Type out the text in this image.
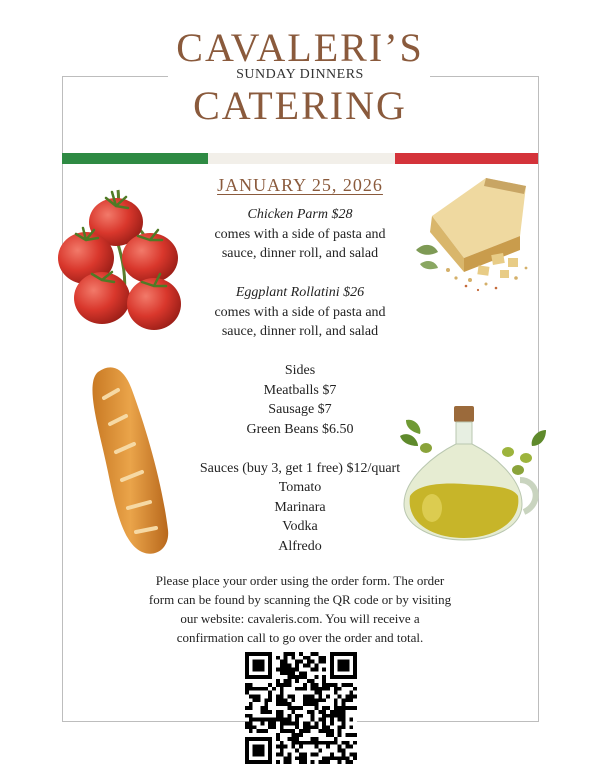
CAVALERI’S
SUNDAY DINNERS
CATERING
JANUARY 25, 2026
Chicken Parm $28
comes with a side of pasta and
sauce, dinner roll, and salad
Eggplant Rollatini $26
comes with a side of pasta and
sauce, dinner roll, and salad
Sides
Meatballs $7
Sausage $7
Green Beans $6.50
Sauces (buy 3, get 1 free) $12/quart
Tomato
Marinara
Vodka
Alfredo
Please place your order using the order form. The order
form can be found by scanning the QR code or by visiting
our website: cavaleris.com. You will receive a
confirmation call to go over the order and total.
